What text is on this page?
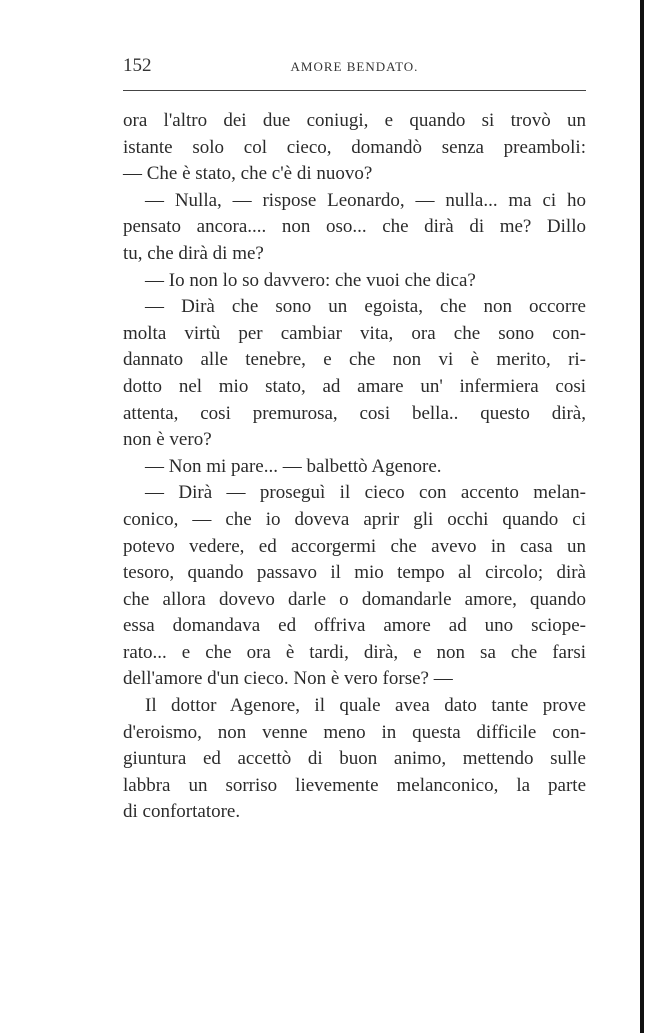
152	AMORE BENDATO.
ora l'altro dei due coniugi, e quando si trovò un
istante solo col cieco, domandò senza preamboli:
— Che è stato, che c'è di nuovo?
— Nulla, — rispose Leonardo, — nulla... ma ci ho
pensato ancora.... non oso... che dirà di me? Dillo
tu, che dirà di me?
— Io non lo so davvero: che vuoi che dica?
— Dirà che sono un egoista, che non occorre
molta virtù per cambiar vita, ora che sono con-
dannato alle tenebre, e che non vi è merito, ri-
dotto nel mio stato, ad amare un' infermiera cosi
attenta, cosi premurosa, cosi bella.. questo dirà,
non è vero?
— Non mi pare... — balbettò Agenore.
— Dirà — proseguì il cieco con accento melan-
conico, — che io doveva aprir gli occhi quando ci
potevo vedere, ed accorgermi che avevo in casa un
tesoro, quando passavo il mio tempo al circolo; dirà
che allora dovevo darle o domandarle amore, quando
essa domandava ed offriva amore ad uno sciope-
rato... e che ora è tardi, dirà, e non sa che farsi
dell'amore d'un cieco. Non è vero forse? —
Il dottor Agenore, il quale avea dato tante prove
d'eroismo, non venne meno in questa difficile con-
giuntura ed accettò di buon animo, mettendo sulle
labbra un sorriso lievemente melanconico, la parte
di confortatore.
